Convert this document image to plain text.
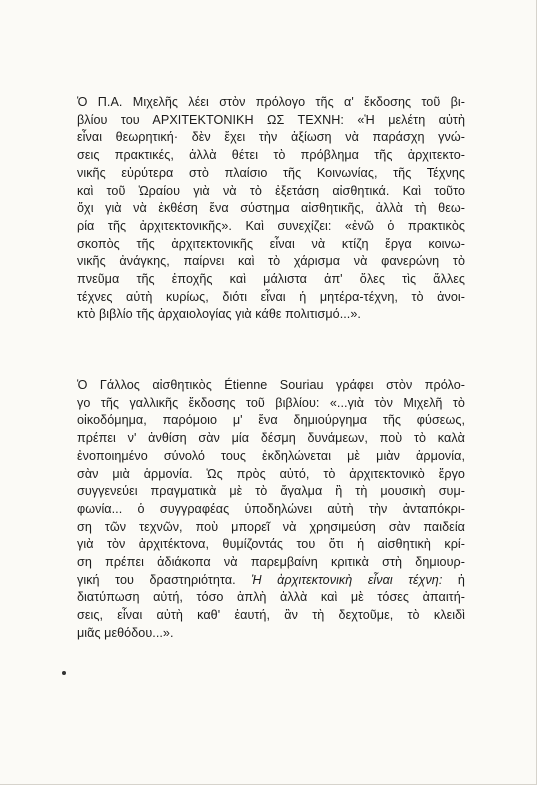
Ὁ Π.Α. Μιχελῆς λέει στὸν πρόλογο τῆς α' ἔκδοσης τοῦ βι-
βλίου του ΑΡΧΙΤΕΚΤΟΝΙΚΗ ΩΣ ΤΕΧΝΗ: «Ἡ μελέτη αὐτὴ
εἶναι θεωρητική· δὲν ἔχει τὴν ἀξίωση νὰ παράσχη γνώ-
σεις πρακτικές, ἀλλὰ θέτει τὸ πρόβλημα τῆς ἀρχιτεκτο-
νικῆς εὐρύτερα στὸ πλαίσιο τῆς Κοινωνίας, τῆς Τέχνης
καὶ τοῦ Ὡραίου γιὰ νὰ τὸ ἐξετάση αἰσθητικά. Καὶ τοῦτο
ὄχι γιὰ νὰ ἐκθέση ἕνα σύστημα αἰσθητικῆς, ἀλλὰ τὴ θεω-
ρία τῆς ἀρχιτεκτονικῆς». Καὶ συνεχίζει: «ἐνῶ ὁ πρακτικὸς
σκοπὸς τῆς ἀρχιτεκτονικῆς εἶναι νὰ κτίζη ἔργα κοινω-
νικῆς ἀνάγκης, παίρνει καὶ τὸ χάρισμα νὰ φανερώνη τὸ
πνεῦμα τῆς ἐποχῆς καὶ μάλιστα ἀπ' ὅλες τὶς ἄλλες
τέχνες αὐτὴ κυρίως, διότι εἶναι ἡ μητέρα-τέχνη, τὸ ἀνοι-
κτὸ βιβλίο τῆς ἀρχαιολογίας γιὰ κάθε πολιτισμό...».
Ὁ Γάλλος αἰσθητικὸς Étienne Souriau γράφει στὸν πρόλο-
γο τῆς γαλλικῆς ἔκδοσης τοῦ βιβλίου: «...γιὰ τὸν Μιχελῆ τὸ
οἰκοδόμημα, παρόμοιο μ' ἕνα δημιούργημα τῆς φύσεως,
πρέπει ν' ἀνθίση σὰν μία δέσμη δυνάμεων, ποὺ τὸ καλὰ
ἐνοποιημένο σύνολό τους ἐκδηλώνεται μὲ μιὰν ἁρμονία,
σὰν μιὰ ἁρμονία. Ὡς πρὸς αὐτό, τὸ ἀρχιτεκτονικὸ ἔργο
συγγενεύει πραγματικὰ μὲ τὸ ἄγαλμα ἢ τὴ μουσικὴ συμ-
φωνία... ὁ συγγραφέας ὑποδηλώνει αὐτὴ τὴν ἀνταπόκρι-
ση τῶν τεχνῶν, ποὺ μπορεῖ νὰ χρησιμεύση σὰν παιδεία
γιὰ τὸν ἀρχιτέκτονα, θυμίζοντάς του ὅτι ἡ αἰσθητικὴ κρί-
ση πρέπει ἀδιάκοπα νὰ παρεμβαίνη κριτικὰ στὴ δημιουρ-
γική του δραστηριότητα. Ἡ ἀρχιτεκτονικὴ εἶναι τέχνη: ἡ
διατύπωση αὐτή, τόσο ἁπλὴ ἀλλὰ καὶ μὲ τόσες ἀπαιτή-
σεις, εἶναι αὐτὴ καθ' ἑαυτή, ἂν τὴ δεχτοῦμε, τὸ κλειδὶ
μιᾶς μεθόδου...».
